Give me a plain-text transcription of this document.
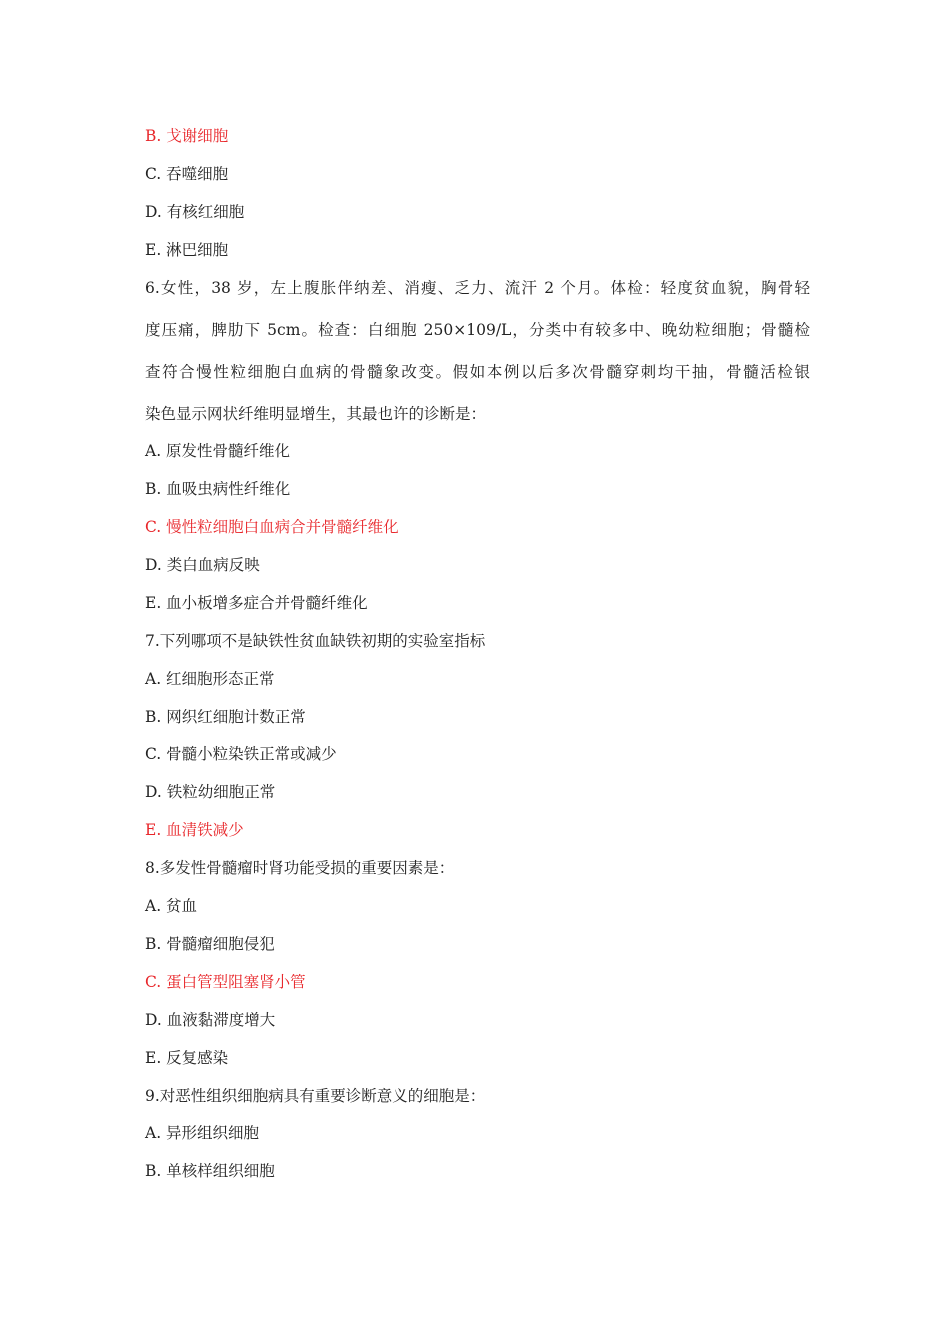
B. 戈谢细胞

C. 吞噬细胞

D. 有核红细胞

E. 淋巴细胞

6.女性，38 岁，左上腹胀伴纳差、消瘦、乏力、流汗 2 个月。体检：轻度贫血貌，胸骨轻

度压痛，脾肋下 5cm。检查：白细胞 250×109/L，分类中有较多中、晚幼粒细胞；骨髓检

查符合慢性粒细胞白血病的骨髓象改变。假如本例以后多次骨髓穿刺均干抽，骨髓活检银

染色显示网状纤维明显增生，其最也许的诊断是：

A. 原发性骨髓纤维化

B. 血吸虫病性纤维化

C. 慢性粒细胞白血病合并骨髓纤维化

D. 类白血病反映

E. 血小板增多症合并骨髓纤维化

7.下列哪项不是缺铁性贫血缺铁初期的实验室指标

A. 红细胞形态正常

B. 网织红细胞计数正常

C. 骨髓小粒染铁正常或减少

D. 铁粒幼细胞正常

E. 血清铁减少

8.多发性骨髓瘤时肾功能受损的重要因素是：

A. 贫血

B. 骨髓瘤细胞侵犯

C. 蛋白管型阻塞肾小管

D. 血液黏滞度增大

E. 反复感染

9.对恶性组织细胞病具有重要诊断意义的细胞是：

A. 异形组织细胞

B. 单核样组织细胞
